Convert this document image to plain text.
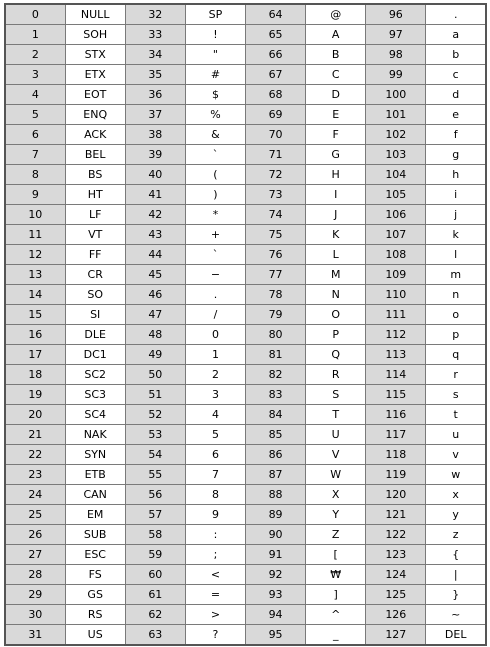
0	NULL	32	SP	64	@	96	.
1	SOH	33	!	65	A	97	a
2	STX	34	"	66	B	98	b
3	ETX	35	#	67	C	99	c
4	EOT	36	$	68	D	100	d
5	ENQ	37	%	69	E	101	e
6	ACK	38	&	70	F	102	f
7	BEL	39	`	71	G	103	g
8	BS	40	(	72	H	104	h
9	HT	41	)	73	I	105	i
10	LF	42	*	74	J	106	j
11	VT	43	+	75	K	107	k
12	FF	44	`	76	L	108	l
13	CR	45	−	77	M	109	m
14	SO	46	.	78	N	110	n
15	SI	47	/	79	O	111	o
16	DLE	48	0	80	P	112	p
17	DC1	49	1	81	Q	113	q
18	SC2	50	2	82	R	114	r
19	SC3	51	3	83	S	115	s
20	SC4	52	4	84	T	116	t
21	NAK	53	5	85	U	117	u
22	SYN	54	6	86	V	118	v
23	ETB	55	7	87	W	119	w
24	CAN	56	8	88	X	120	x
25	EM	57	9	89	Y	121	y
26	SUB	58	:	90	Z	122	z
27	ESC	59	;	91	[	123	{
28	FS	60	<	92	₩	124	|
29	GS	61	=	93	]	125	}
30	RS	62	>	94	^	126	~
31	US	63	?	95	_	127	DEL
